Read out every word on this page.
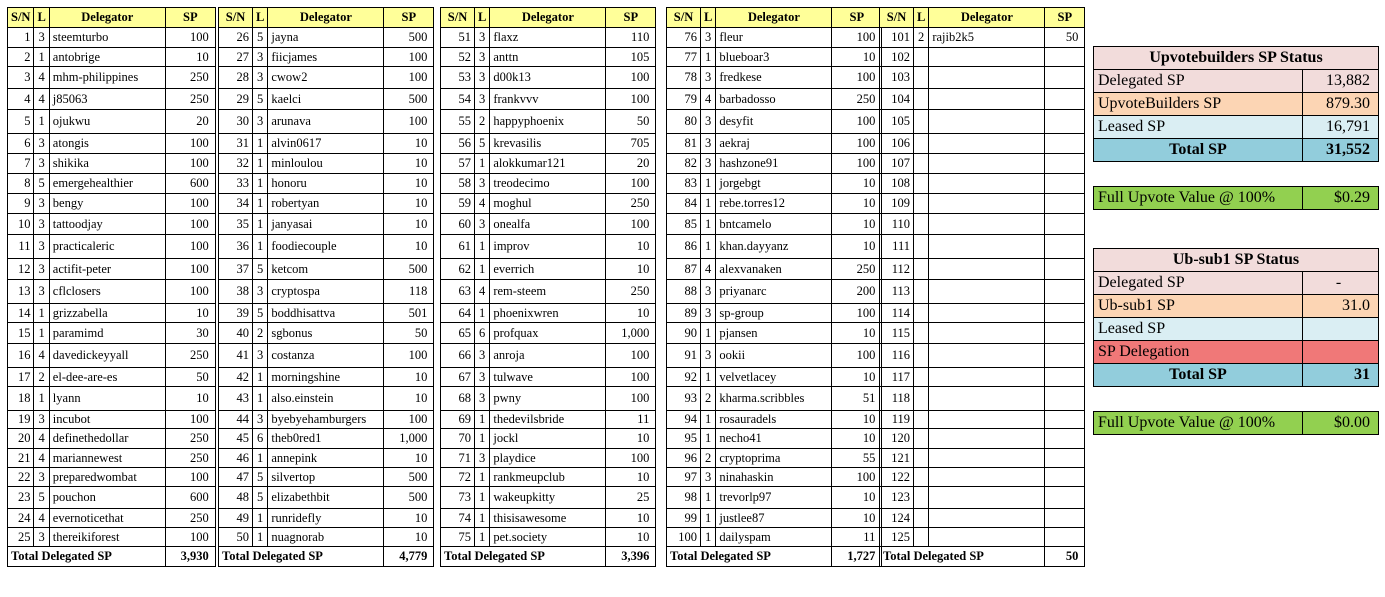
S/N	L	Delegator	SP
1	3	steemturbo	100
2	1	antobrige	10
3	4	mhm-philippines	250
4	4	j85063	250
5	1	ojukwu	20
6	3	atongis	100
7	3	shikika	100
8	5	emergehealthier	600
9	3	bengy	100
10	3	tattoodjay	100
11	3	practicaleric	100
12	3	actifit-peter	100
13	3	cflclosers	100
14	1	grizzabella	10
15	1	paramimd	30
16	4	davedickeyyall	250
17	2	el-dee-are-es	50
18	1	lyann	10
19	3	incubot	100
20	4	definethedollar	250
21	4	mariannewest	250
22	3	preparedwombat	100
23	5	pouchon	600
24	4	evernoticethat	250
25	3	thereikiforest	100
Total Delegated SP			3,930
S/N	L	Delegator	SP
26	5	jayna	500
27	3	fiicjames	100
28	3	cwow2	100
29	5	kaelci	500
30	3	arunava	100
31	1	alvin0617	10
32	1	minloulou	10
33	1	honoru	10
34	1	robertyan	10
35	1	janyasai	10
36	1	foodiecouple	10
37	5	ketcom	500
38	3	cryptospa	118
39	5	boddhisattva	501
40	2	sgbonus	50
41	3	costanza	100
42	1	morningshine	10
43	1	also.einstein	10
44	3	byebyehamburgers	100
45	6	theb0red1	1,000
46	1	annepink	10
47	5	silvertop	500
48	5	elizabethbit	500
49	1	runridefly	10
50	1	nuagnorab	10
Total Delegated SP			4,779
S/N	L	Delegator	SP
51	3	flaxz	110
52	3	anttn	105
53	3	d00k13	100
54	3	frankvvv	100
55	2	happyphoenix	50
56	5	krevasilis	705
57	1	alokkumar121	20
58	3	treodecimo	100
59	4	moghul	250
60	3	onealfa	100
61	1	improv	10
62	1	everrich	10
63	4	rem-steem	250
64	1	phoenixwren	10
65	6	profquax	1,000
66	3	anroja	100
67	3	tulwave	100
68	3	pwny	100
69	1	thedevilsbride	11
70	1	jockl	10
71	3	playdice	100
72	1	rankmeupclub	10
73	1	wakeupkitty	25
74	1	thisisawesome	10
75	1	pet.society	10
Total Delegated SP			3,396
S/N	L	Delegator	SP
76	3	fleur	100
77	1	blueboar3	10
78	3	fredkese	100
79	4	barbadosso	250
80	3	desyfit	100
81	3	aekraj	100
82	3	hashzone91	100
83	1	jorgebgt	10
84	1	rebe.torres12	10
85	1	bntcamelo	10
86	1	khan.dayyanz	10
87	4	alexvanaken	250
88	3	priyanarc	200
89	3	sp-group	100
90	1	pjansen	10
91	3	ookii	100
92	1	velvetlacey	10
93	2	kharma.scribbles	51
94	1	rosauradels	10
95	1	necho41	10
96	2	cryptoprima	55
97	3	ninahaskin	100
98	1	trevorlp97	10
99	1	justlee87	10
100	1	dailyspam	11
Total Delegated SP			1,727
S/N	L	Delegator	SP
101	2	rajib2k5	50
102			
103			
104			
105			
106			
107			
108			
109			
110			
111			
112			
113			
114			
115			
116			
117			
118			
119			
120			
121			
122			
123			
124			
125			
Total Delegated SP			50
Upvotebuilders SP Status	
Delegated SP	13,882
UpvoteBuilders SP	879.30
Leased SP	16,791
Total SP	31,552
Full Upvote Value @ 100%	$0.29
Ub-sub1 SP Status	
Delegated SP	-
Ub-sub1 SP	31.0
Leased SP	
SP Delegation	
Total SP	31
Full Upvote Value @ 100%	$0.00
